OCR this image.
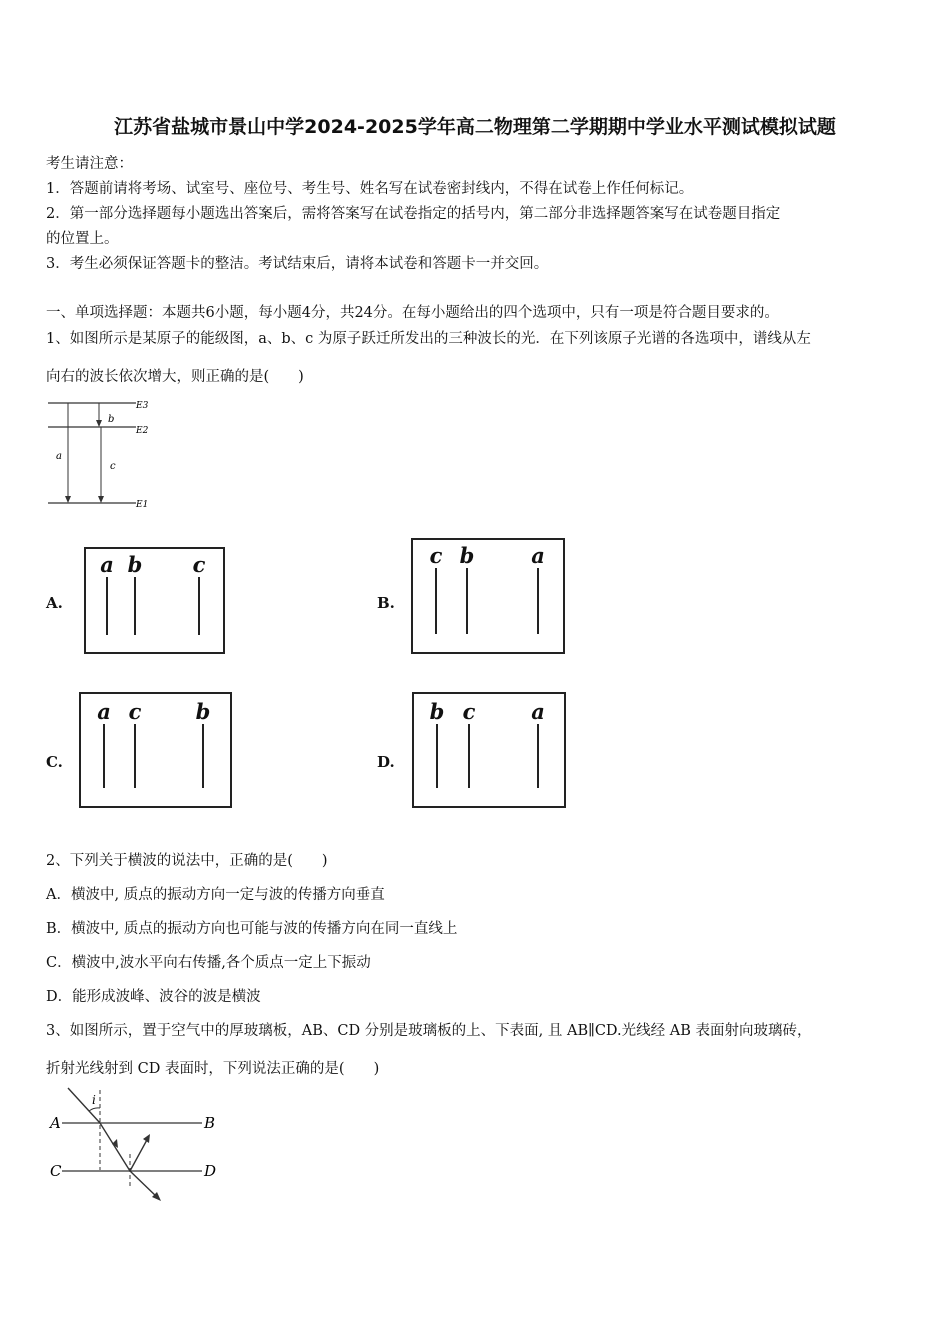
江苏省盐城市景山中学2024-2025学年高二物理第二学期期中学业水平测试模拟试题
考生请注意：
1．答题前请将考场、试室号、座位号、考生号、姓名写在试卷密封线内，不得在试卷上作任何标记。
2．第一部分选择题每小题选出答案后，需将答案写在试卷指定的括号内，第二部分非选择题答案写在试卷题目指定
的位置上。
3．考生必须保证答题卡的整洁。考试结束后，请将本试卷和答题卡一并交回。
一、单项选择题：本题共6小题，每小题4分，共24分。在每小题给出的四个选项中，只有一项是符合题目要求的。
1、如图所示是某原子的能级图，a、b、c 为原子跃迁所发出的三种波长的光．在下列该原子光谱的各选项中，谱线从左
向右的波长依次增大，则正确的是(　　)
E3
E2
E1
a
b
c
A.
a b c
B.
c b	a
C.
a c	b
D.
b c	a
2、下列关于横波的说法中，正确的是(　　)
A．横波中, 质点的振动方向一定与波的传播方向垂直
B．横波中, 质点的振动方向也可能与波的传播方向在同一直线上
C．横波中,波水平向右传播,各个质点一定上下振动
D．能形成波峰、波谷的波是横波
3、如图所示，置于空气中的厚玻璃板，AB、CD 分别是玻璃板的上、下表面, 且 AB∥CD.光线经 AB 表面射向玻璃砖，
折射光线射到 CD 表面时，下列说法正确的是(　　)
A	B
C	D
i
